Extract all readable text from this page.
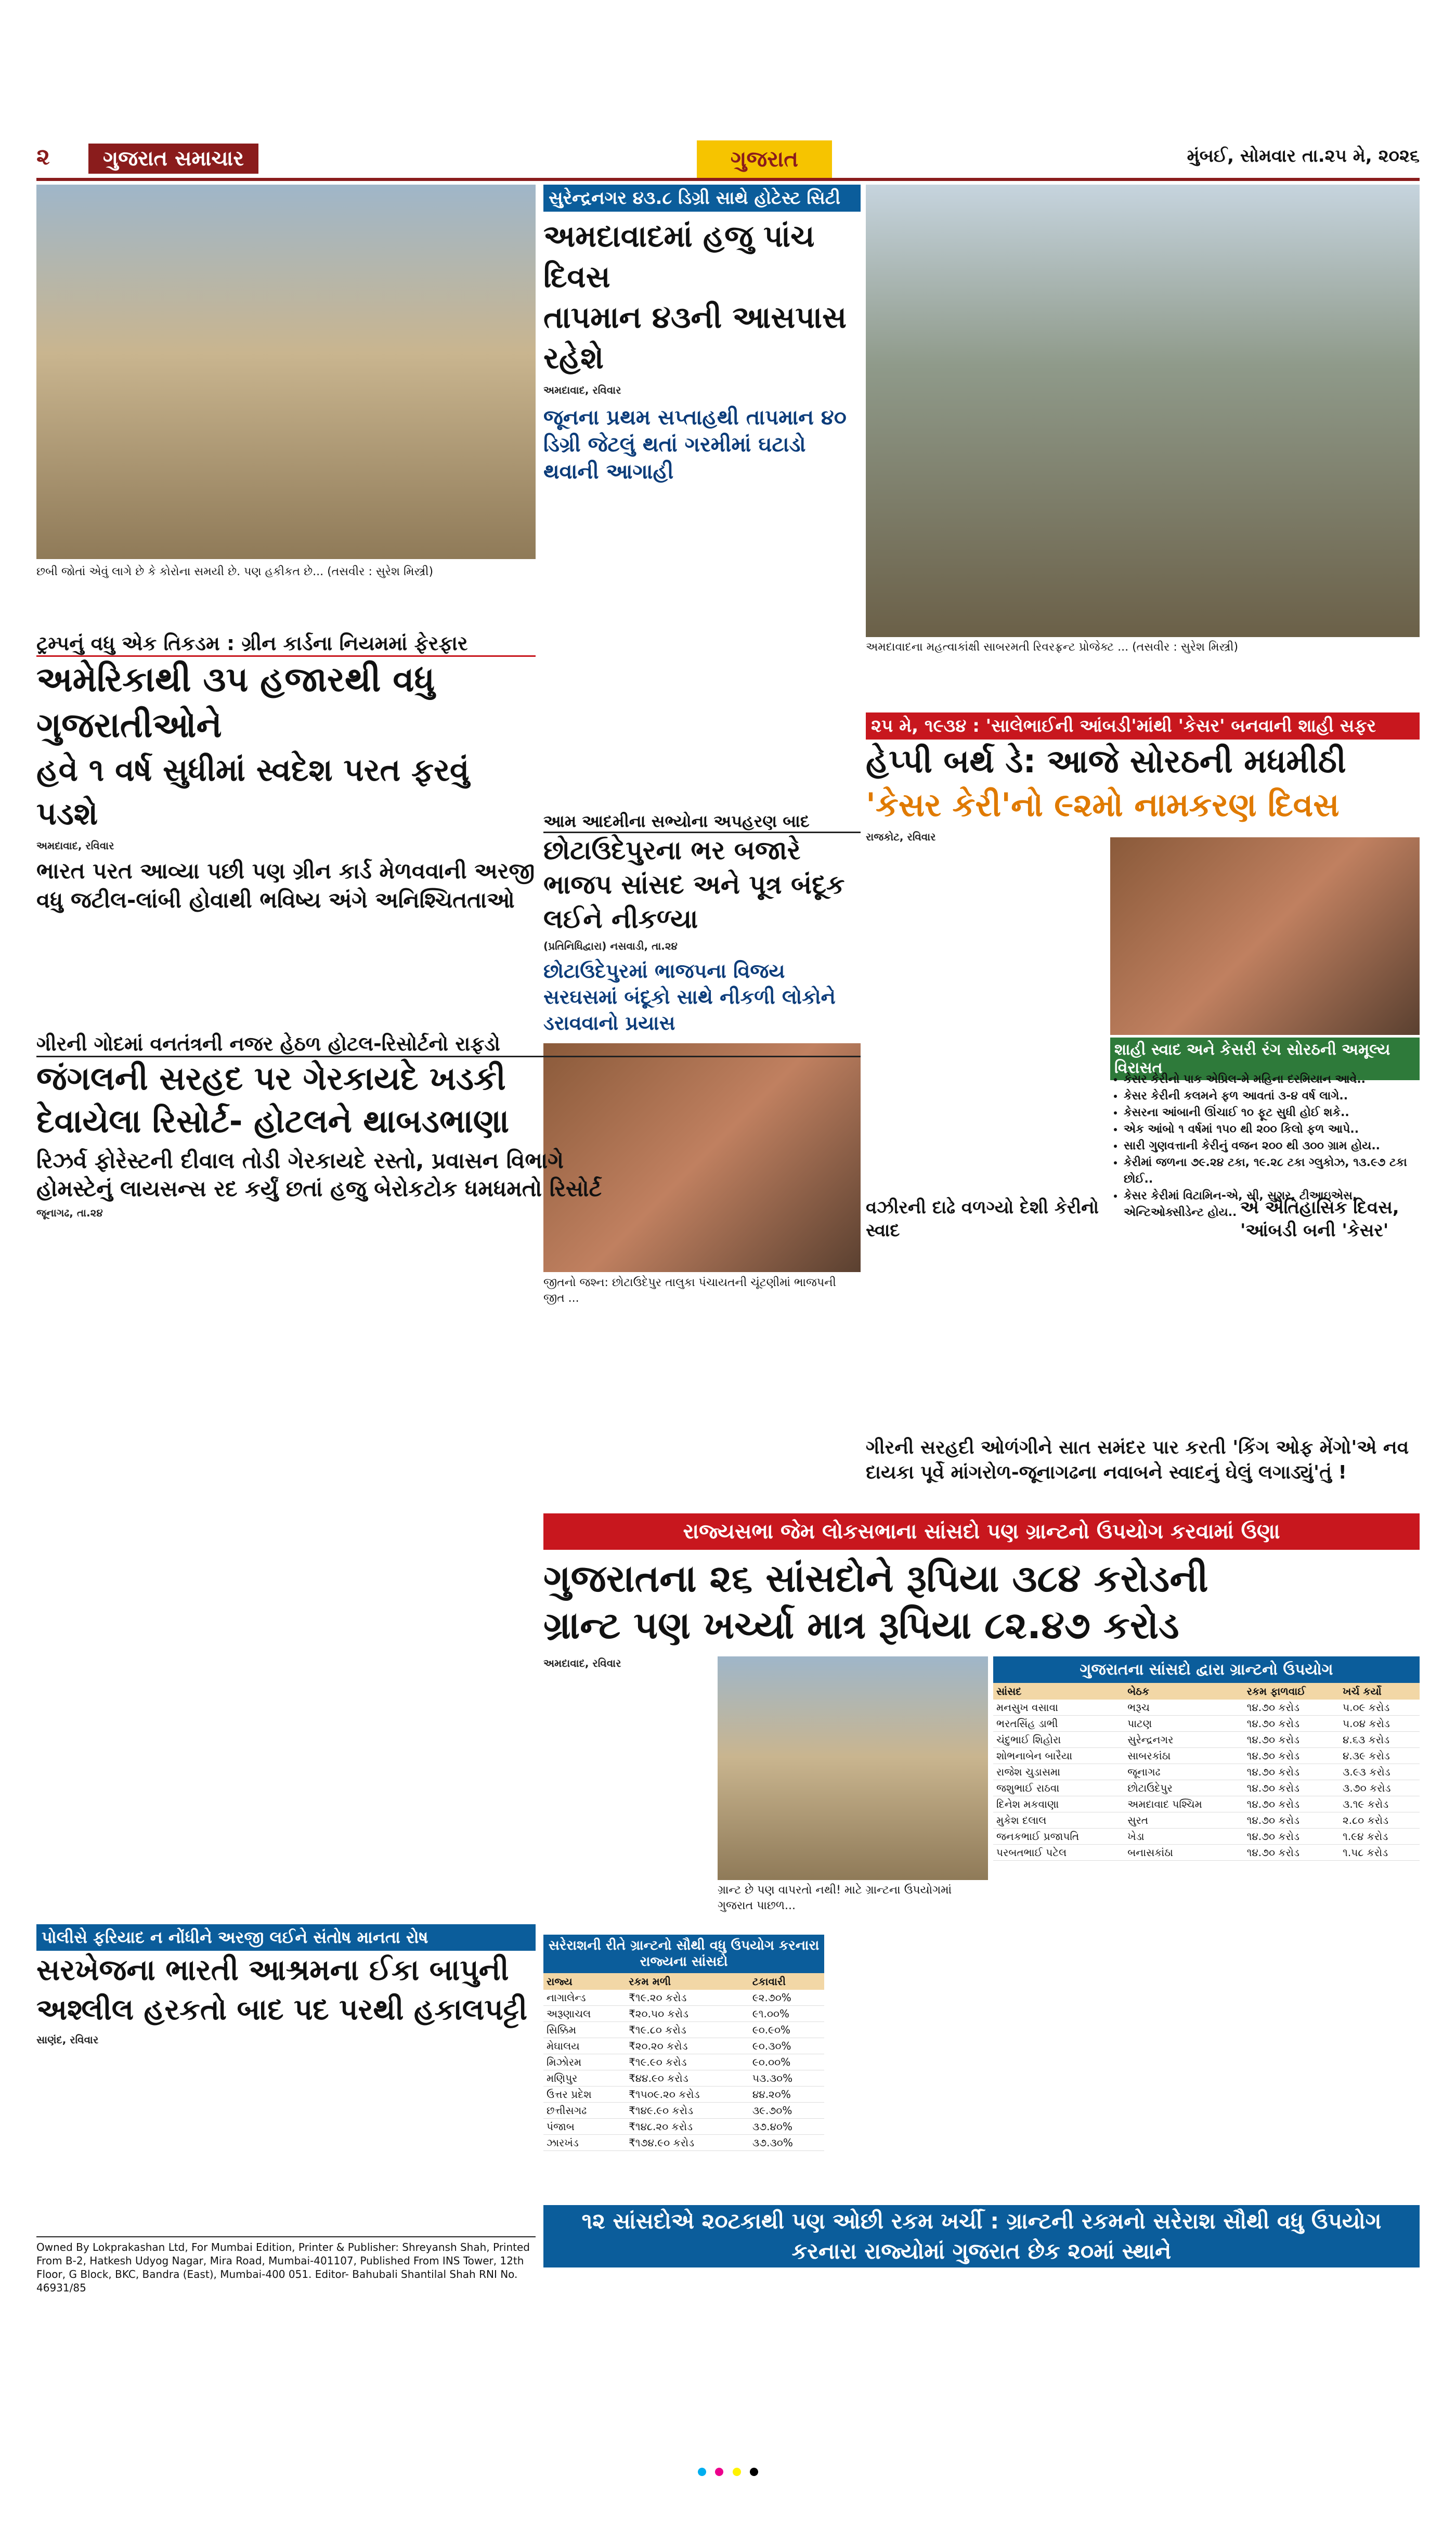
૨	ગુજરાત સમાચાર	ગુજરાત	મુંબઈ, સોમવાર તા.૨૫ મે, ૨૦૨૬
છબી જોતાં એવું લાગે છે કે કોરોના સમયી છે. પણ હકીકત છે... (તસવીર : સુરેશ મિસ્ત્રી)
સુરેન્દ્રનગર ૪૩.૮ ડિગ્રી સાથે હોટેસ્ટ સિટી
અમદાવાદમાં હજુ પાંચ દિવસ
તાપમાન ૪૩ની આસપાસ રહેશે
અમદાવાદ, રવિવાર
જૂનના પ્રથમ સપ્તાહથી તાપમાન ૪૦ ડિગ્રી જેટલું થતાં ગરમીમાં ઘટાડો થવાની આગાહી
અમદાવાદના મહત્વાકાંક્ષી સાબરમતી રિવરફ્રન્ટ પ્રોજેક્ટ ... (તસવીર : સુરેશ મિસ્ત્રી)
ટ્રમ્પનું વધુ એક તિકડમ : ગ્રીન કાર્ડના નિયમમાં ફેરફાર
અમેરિકાથી ૩પ હજારથી વધુ ગુજરાતીઓને
હવે ૧ વર્ષ સુધીમાં સ્વદેશ પરત ફરવું પડશે
અમદાવાદ, રવિવાર
ભારત પરત આવ્યા પછી પણ ગ્રીન કાર્ડ મેળવવાની અરજી વધુ જટીલ-લાંબી હોવાથી ભવિષ્ય અંગે અનિશ્ચિતતાઓ
આમ આદમીના સભ્યોના અપહરણ બાદ
છોટાઉદેપુરના ભર બજારે ભાજપ સાંસદ અને પૂત્ર બંદૂક લઈને નીકળ્યા
(પ્રતિનિધિદ્વારા) નસવાડી, તા.૨૪
છોટાઉદેપુરમાં ભાજપના વિજય સરઘસમાં બંદૂકો સાથે નીકળી લોકોને ડરાવવાનો પ્રયાસ
જીતનો જશ્ન: છોટાઉદેપુર તાલુકા પંચાયતની ચૂંટણીમાં ભાજપની જીત ...
૨૫ મે, ૧૯૩૪ : 'સાલેભાઈની આંબડી'માંથી 'કેસર' બનવાની શાહી સફર
હેપ્પી બર્થ ડે: આજે સોરઠની મધમીઠી
'કેસર કેરી'નો ૯૨મો નામકરણ દિવસ
રાજકોટ, રવિવાર
શાહી સ્વાદ અને કેસરી રંગ સોરઠની અમૂલ્ય વિરાસત
• કેસર કેરીનો પાક એપ્રિલ-મે મહિના દરમિયાન આવે..
• કેસર કેરીની કલમને ફળ આવતાં ૩-૪ વર્ષ લાગે..
• કેસરના આંબાની ઊંચાઈ ૧૦ ફૂટ સુધી હોઈ શકે..
• એક આંબો ૧ વર્ષમાં ૧૫૦ થી ૨૦૦ કિલો ફળ આપે..
• સારી ગુણવત્તાની કેરીનું વજન ૨૦૦ થી ૩૦૦ ગ્રામ હોય..
• કેરીમાં જળના ૭૯.૨૪ ટકા, ૧૯.૨૮ ટકા ગ્લુકોઝ, ૧૩.૯૭ ટકા છોઈ..
• કેસર કેરીમાં વિટામિન-એ, સી, સુગર, ટીઆઇએસ, એન્ટિઓક્સીડેન્ટ હોય..
વઝીરની દાઢે વળગ્યો દેશી કેરીનો સ્વાદ
એ ઐતિહાસિક દિવસ, 'આંબડી બની 'કેસર'
ગીરની સરહદી ઓળંગીને સાત સમંદર પાર કરતી 'કિંગ ઓફ મેંગો'એ નવ દાયકા પૂર્વે માંગરોળ-જૂનાગઢના નવાબને સ્વાદનું ઘેલું લગાડ્યું'તું !
ગીરની ગોદમાં વનતંત્રની નજર હેઠળ હોટલ-રિસોર્ટનો રાફડો
જંગલની સરહદ પર ગેરકાયદે ખડકી
દેવાયેલા રિસોર્ટ- હોટલને થાબડભાણા
રિઝર્વ ફોરેસ્ટની દીવાલ તોડી ગેરકાયદે રસ્તો, પ્રવાસન વિભાગે
હોમસ્ટેનું લાયસન્સ રદ કર્યું છતાં હજુ બેરોકટોક ધમધમતો રિસોર્ટ
જૂનાગઢ, તા.૨૪
રાજ્યસભા જેમ લોકસભાના સાંસદો પણ ગ્રાન્ટનો ઉપયોગ કરવામાં ઉણા
ગુજરાતના ૨૬ સાંસદોને રૂપિયા ૩૮૪ કરોડની
ગ્રાન્ટ પણ ખર્ચ્યા માત્ર રૂપિયા ૮૨.૪૭ કરોડ
અમદાવાદ, રવિવાર
ગ્રાન્ટ છે પણ વાપરતો નથી! માટે ગ્રાન્ટના ઉપયોગમાં ગુજરાત પાછળ...
સરેરાશની રીતે ગ્રાન્ટનો સૌથી વધુ ઉપયોગ કરનારા રાજ્યના સાંસદો
રાજ્ય	રકમ મળી	ટકાવારી
નાગાલેન્ડ	₹૧૯.૨૦ કરોડ	૯૨.૭૦%
અરૂણાચલ	₹૨૦.૫૦ કરોડ	૯૧.૦૦%
સિક્કિમ	₹૧૯.૮૦ કરોડ	૯૦.૯૦%
મેઘાલય	₹૨૦.૨૦ કરોડ	૯૦.૩૦%
મિઝોરમ	₹૧૯.૯૦ કરોડ	૯૦.૦૦%
મણિપુર	₹૪૪.૯૦ કરોડ	૫૩.૩૦%
ઉત્તર પ્રદેશ	₹૧૫૦૯.૨૦ કરોડ	૪૪.૨૦%
છત્તીસગઢ	₹૧૪૯.૯૦ કરોડ	૩૯.૭૦%
પંજાબ	₹૧૪૮.૨૦ કરોડ	૩૭.૪૦%
ઝારખંડ	₹૧૭૪.૯૦ કરોડ	૩૭.૩૦%
ગુજરાતના સાંસદો દ્વારા ગ્રાન્ટનો ઉપયોગ
સાંસદ	બેઠક	રકમ ફાળવાઈ	ખર્ચ કર્યો
મનસુખ વસાવા	ભરૂચ	૧૪.૭૦ કરોડ	૫.૦૯ કરોડ
ભરતસિંહ ડાભી	પાટણ	૧૪.૭૦ કરોડ	૫.૦૪ કરોડ
ચંદુભાઈ શિહોરા	સુરેન્દ્રનગર	૧૪.૭૦ કરોડ	૪.૬૩ કરોડ
શોભનાબેન બારૈયા	સાબરકાંઠા	૧૪.૭૦ કરોડ	૪.૩૯ કરોડ
રાજેશ ચુડાસમા	જૂનાગઢ	૧૪.૭૦ કરોડ	૩.૯૩ કરોડ
જશુભાઈ રાઠવા	છોટાઉદેપુર	૧૪.૭૦ કરોડ	૩.૭૦ કરોડ
દિનેશ મકવાણા	અમદાવાદ પશ્ચિમ	૧૪.૭૦ કરોડ	૩.૧૯ કરોડ
મુકેશ દલાલ	સુરત	૧૪.૭૦ કરોડ	૨.૮૦ કરોડ
જનકભાઈ પ્રજાપતિ	ખેડા	૧૪.૭૦ કરોડ	૧.૯૪ કરોડ
પરબતભાઈ પટેલ	બનાસકાંઠા	૧૪.૭૦ કરોડ	૧.૫૮ કરોડ
૧૨ સાંસદોએ ૨૦ટકાથી પણ ઓછી રકમ ખર્ચી : ગ્રાન્ટની રકમનો સરેરાશ સૌથી વધુ ઉપયોગ કરનારા રાજ્યોમાં ગુજરાત છેક ૨૦માં સ્થાને
પોલીસે ફરિયાદ ન નોંધીને અરજી લઈને સંતોષ માનતા રોષ
સરખેજના ભારતી આશ્રમના ઈકા બાપુની
અશ્લીલ હરકતો બાદ પદ પરથી હકાલપટ્ટી
સાણંદ, રવિવાર
Owned By Lokprakashan Ltd, For Mumbai Edition, Printer & Publisher: Shreyansh Shah, Printed From B-2, Hatkesh Udyog Nagar, Mira Road, Mumbai-401107, Published From INS Tower, 12th Floor, G Block, BKC, Bandra (East), Mumbai-400 051. Editor- Bahubali Shantilal Shah RNI No. 46931/85
